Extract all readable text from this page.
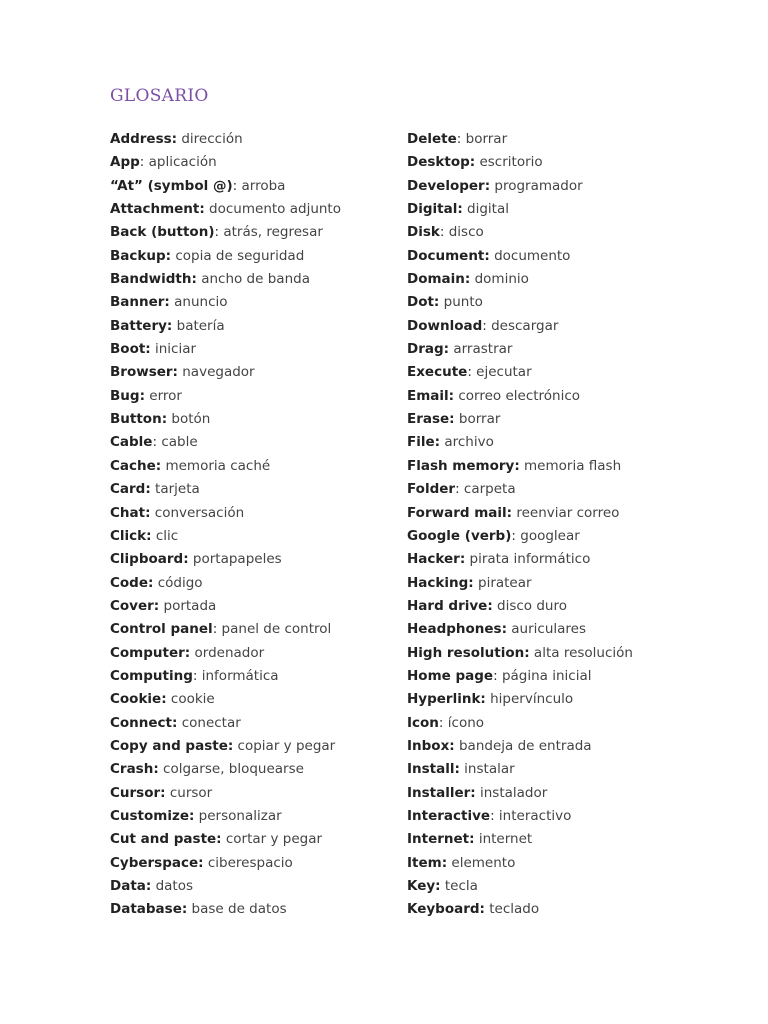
GLOSARIO
Address: dirección
App: aplicación
“At” (symbol @): arroba
Attachment: documento adjunto
Back (button): atrás, regresar
Backup: copia de seguridad
Bandwidth: ancho de banda
Banner: anuncio
Battery: batería
Boot: iniciar
Browser: navegador
Bug: error
Button: botón
Cable: cable
Cache: memoria caché
Card: tarjeta
Chat: conversación
Click: clic
Clipboard: portapapeles
Code: código
Cover: portada
Control panel: panel de control
Computer: ordenador
Computing: informática
Cookie: cookie
Connect: conectar
Copy and paste: copiar y pegar
Crash: colgarse, bloquearse
Cursor: cursor
Customize: personalizar
Cut and paste: cortar y pegar
Cyberspace: ciberespacio
Data: datos
Database: base de datos
Delete: borrar
Desktop: escritorio
Developer: programador
Digital: digital
Disk: disco
Document: documento
Domain: dominio
Dot: punto
Download: descargar
Drag: arrastrar
Execute: ejecutar
Email: correo electrónico
Erase: borrar
File: archivo
Flash memory: memoria flash
Folder: carpeta
Forward mail: reenviar correo
Google (verb): googlear
Hacker: pirata informático
Hacking: piratear
Hard drive: disco duro
Headphones: auriculares
High resolution: alta resolución
Home page: página inicial
Hyperlink: hipervínculo
Icon: ícono
Inbox: bandeja de entrada
Install: instalar
Installer: instalador
Interactive: interactivo
Internet: internet
Item: elemento
Key: tecla
Keyboard: teclado
